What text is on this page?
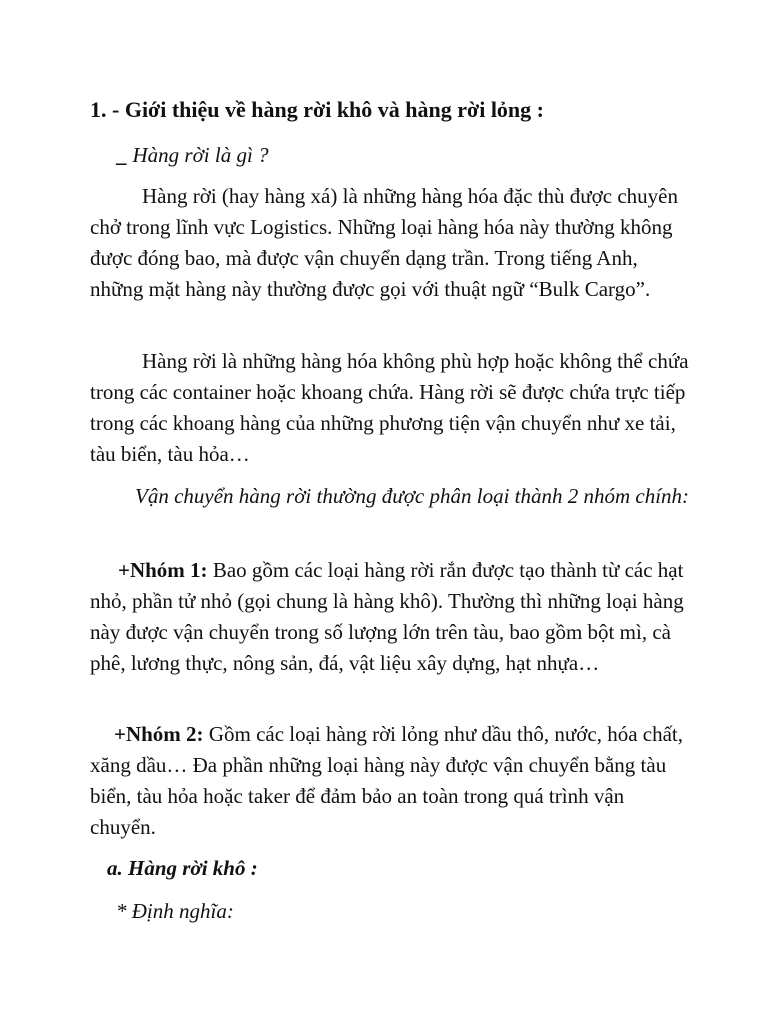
1. - Giới thiệu về hàng rời khô và hàng rời lỏng :

_ Hàng rời là gì ?

Hàng rời (hay hàng xá) là những hàng hóa đặc thù được chuyên chở trong lĩnh vực Logistics. Những loại hàng hóa này thường không được đóng bao, mà được vận chuyển dạng trần. Trong tiếng Anh, những mặt hàng này thường được gọi với thuật ngữ “Bulk Cargo”.

Hàng rời là những hàng hóa không phù hợp hoặc không thể chứa trong các container hoặc khoang chứa. Hàng rời sẽ được chứa trực tiếp trong các khoang hàng của những phương tiện vận chuyển như xe tải, tàu biển, tàu hỏa…

Vận chuyển hàng rời thường được phân loại thành 2 nhóm chính:

+Nhóm 1: Bao gồm các loại hàng rời rắn được tạo thành từ các hạt nhỏ, phần tử nhỏ (gọi chung là hàng khô). Thường thì những loại hàng này được vận chuyển trong số lượng lớn trên tàu, bao gồm bột mì, cà phê, lương thực, nông sản, đá, vật liệu xây dựng, hạt nhựa…

+Nhóm 2: Gồm các loại hàng rời lỏng như dầu thô, nước, hóa chất, xăng dầu… Đa phần những loại hàng này được vận chuyển bằng tàu biển, tàu hỏa hoặc taker để đảm bảo an toàn trong quá trình vận chuyển.

a. Hàng rời khô :

* Định nghĩa:
